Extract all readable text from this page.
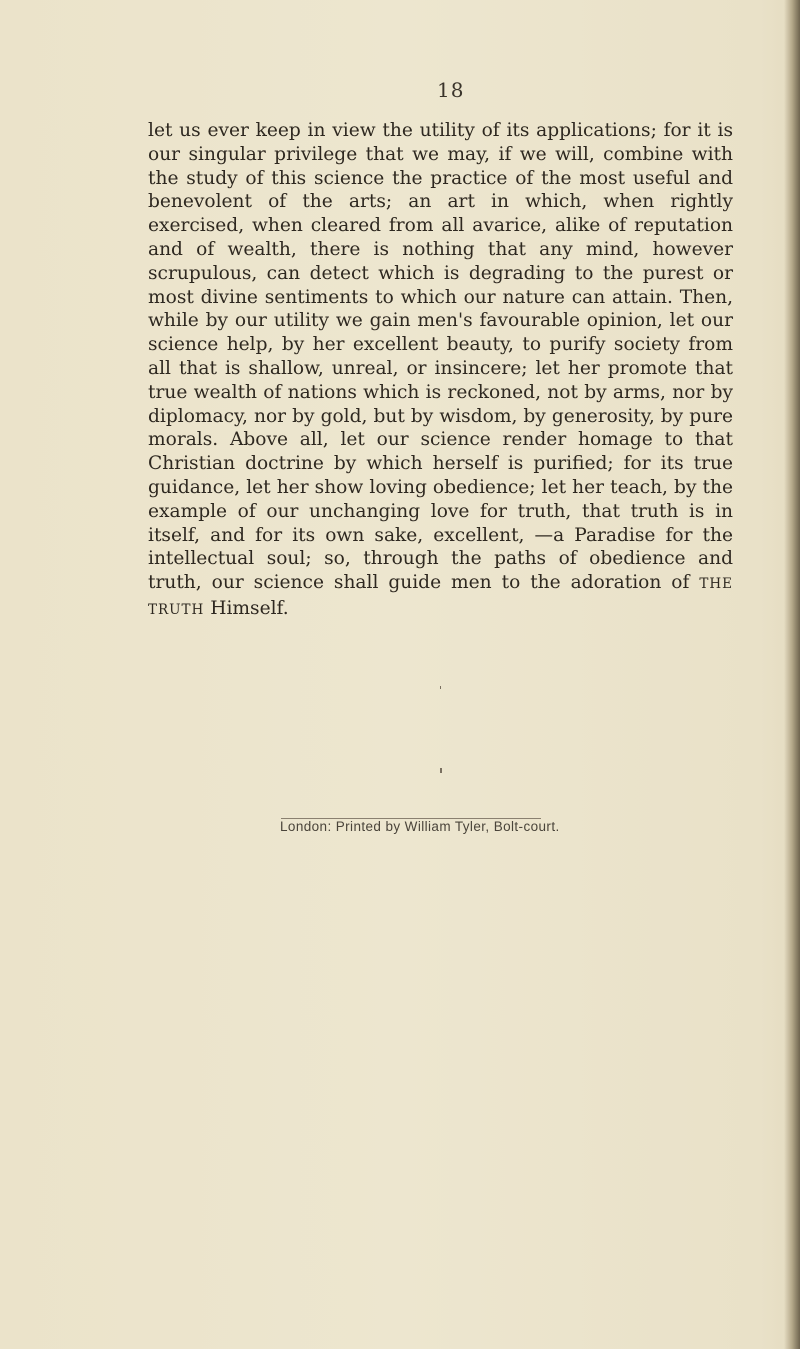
18

let us ever keep in view the utility of its applications; for it is our singular privilege that we may, if we will, combine with the study of this science the practice of the most useful and benevolent of the arts; an art in which, when rightly exercised, when cleared from all avarice, alike of reputation and of wealth, there is nothing that any mind, however scrupulous, can detect which is degrading to the purest or most divine sentiments to which our nature can attain. Then, while by our utility we gain men's favourable opinion, let our science help, by her excellent beauty, to purify society from all that is shallow, unreal, or insincere; let her promote that true wealth of nations which is reckoned, not by arms, nor by diplomacy, nor by gold, but by wisdom, by generosity, by pure morals. Above all, let our science render homage to that Christian doctrine by which herself is purified; for its true guidance, let her show loving obedience; let her teach, by the example of our unchanging love for truth, that truth is in itself, and for its own sake, excellent, —a Paradise for the intellectual soul; so, through the paths of obedience and truth, our science shall guide men to the adoration of THE TRUTH Himself.

London: Printed by William Tyler, Bolt-court.
